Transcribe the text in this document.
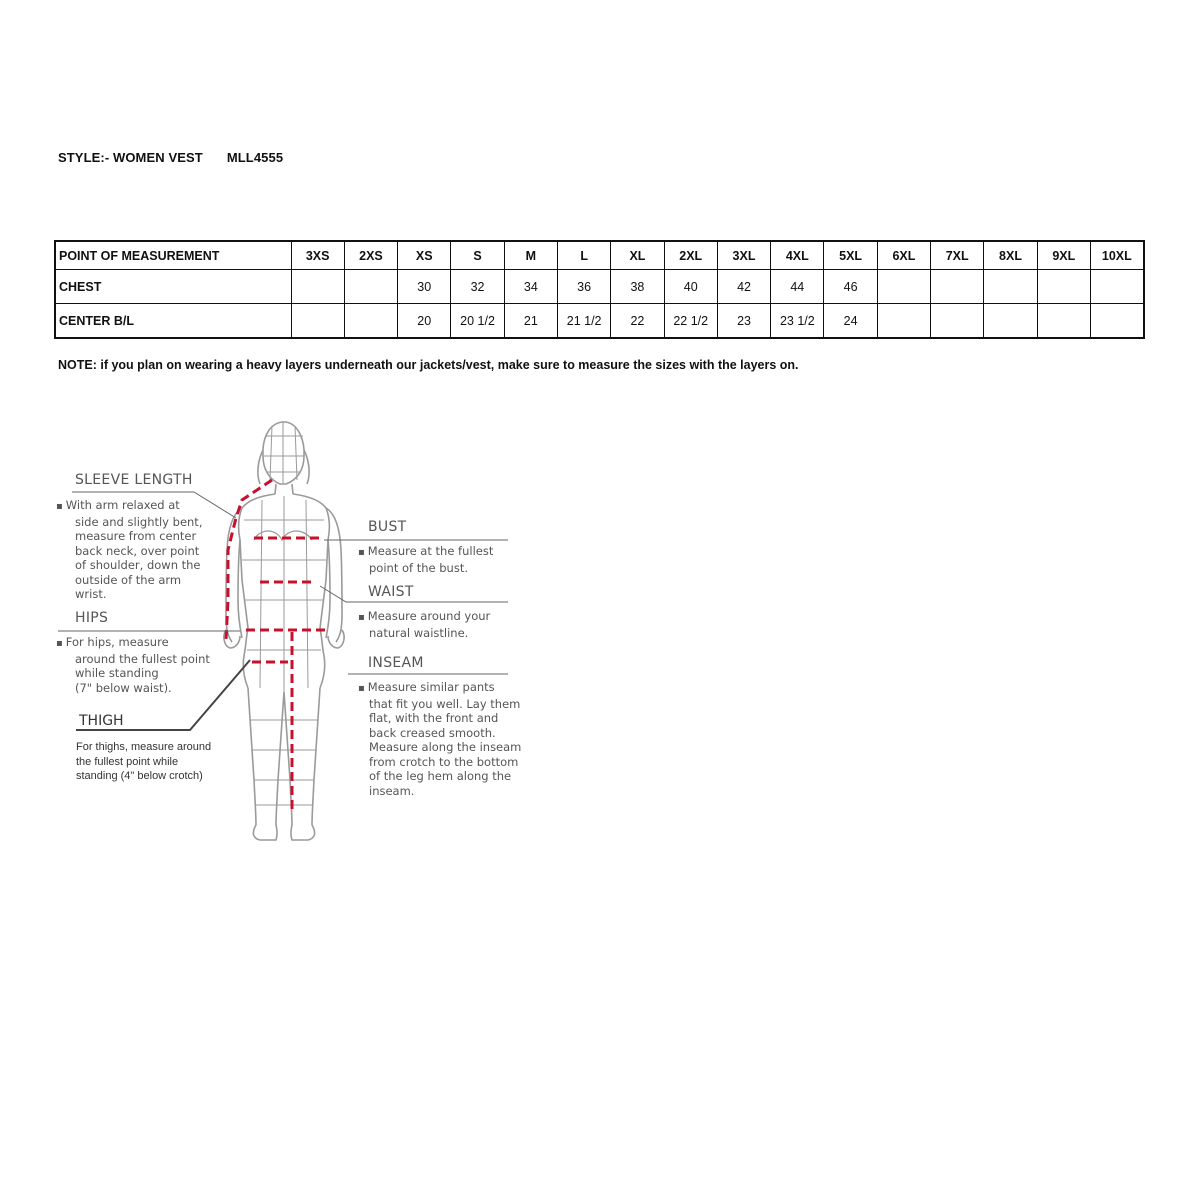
STYLE:- WOMEN VEST MLL4555
POINT OF MEASUREMENT	3XS	2XS	XS	S	M	L	XL	2XL	3XL	4XL	5XL	6XL	7XL	8XL	9XL	10XL
CHEST			30	32	34	36	38	40	42	44	46					
CENTER B/L			20	20 1/2	21	21 1/2	22	22 1/2	23	23 1/2	24					
NOTE: if you plan on wearing a heavy layers underneath our jackets/vest, make sure to measure the sizes with the layers on.
SLEEVE LENGTH
▪ With arm relaxed at
side and slightly bent,
measure from center
back neck, over point
of shoulder, down the
outside of the arm
wrist.
HIPS
▪ For hips, measure
around the fullest point
while standing
(7" below waist).
THIGH
For thighs, measure around
the fullest point while
standing (4" below crotch)
BUST
▪ Measure at the fullest
point of the bust.
WAIST
▪ Measure around your
natural waistline.
INSEAM
▪ Measure similar pants
that fit you well. Lay them
flat, with the front and
back creased smooth.
Measure along the inseam
from crotch to the bottom
of the leg hem along the
inseam.
